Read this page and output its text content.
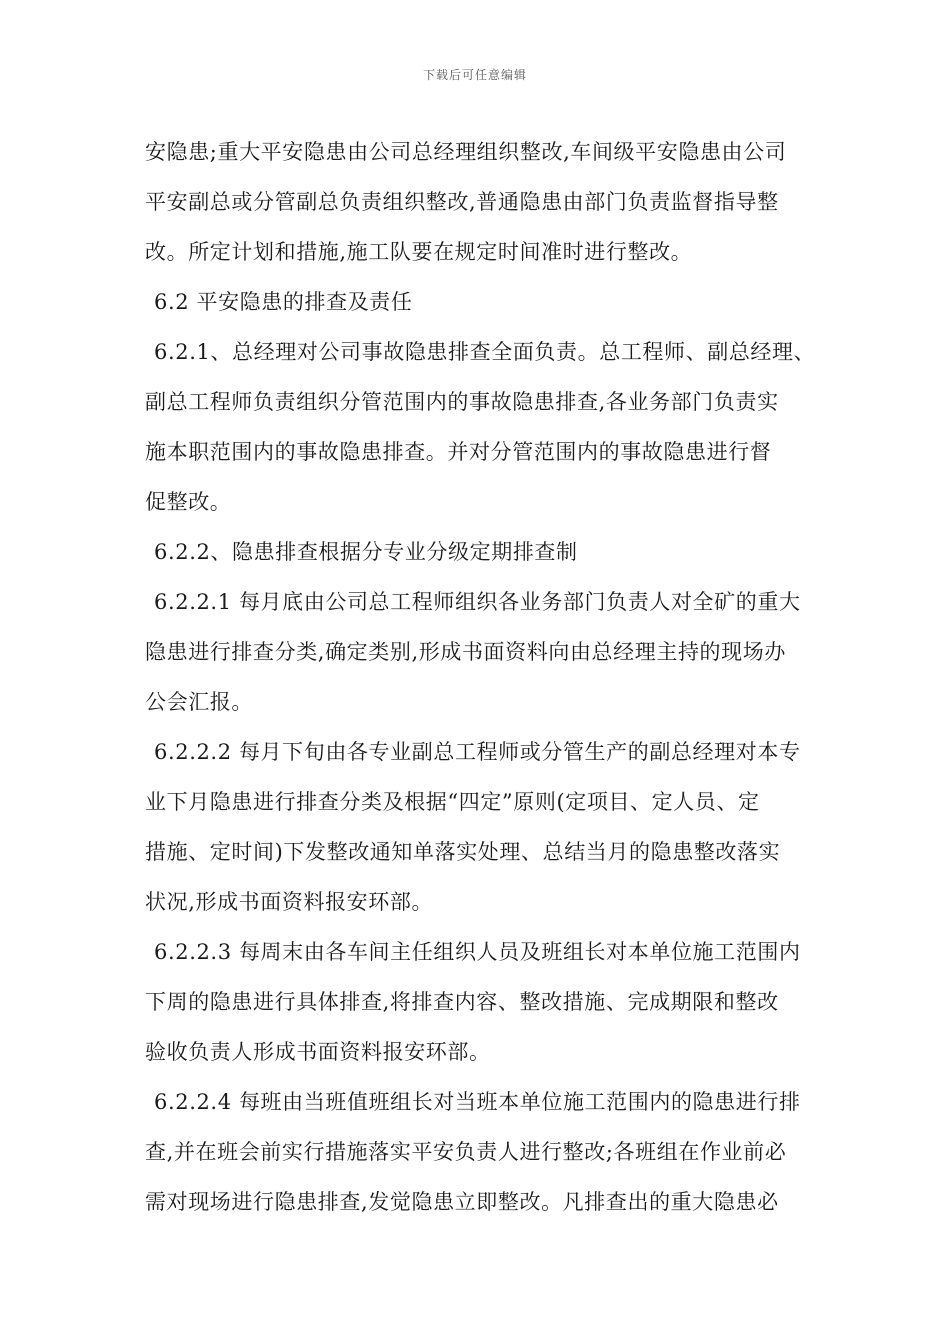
下载后可任意编辑
安隐患;重大平安隐患由公司总经理组织整改,车间级平安隐患由公司
平安副总或分管副总负责组织整改,普通隐患由部门负责监督指导整
改。所定计划和措施,施工队要在规定时间准时进行整改。
6.2 平安隐患的排查及责任
6.2.1、总经理对公司事故隐患排查全面负责。总工程师、副总经理、
副总工程师负责组织分管范围内的事故隐患排查,各业务部门负责实
施本职范围内的事故隐患排查。并对分管范围内的事故隐患进行督
促整改。
6.2.2、隐患排查根据分专业分级定期排查制
6.2.2.1 每月底由公司总工程师组织各业务部门负责人对全矿的重大
隐患进行排查分类,确定类别,形成书面资料向由总经理主持的现场办
公会汇报。
6.2.2.2 每月下旬由各专业副总工程师或分管生产的副总经理对本专
业下月隐患进行排查分类及根据“四定”原则(定项目、定人员、定
措施、定时间)下发整改通知单落实处理、总结当月的隐患整改落实
状况,形成书面资料报安环部。
6.2.2.3 每周末由各车间主任组织人员及班组长对本单位施工范围内
下周的隐患进行具体排查,将排查内容、整改措施、完成期限和整改
验收负责人形成书面资料报安环部。
6.2.2.4 每班由当班值班组长对当班本单位施工范围内的隐患进行排
查,并在班会前实行措施落实平安负责人进行整改;各班组在作业前必
需对现场进行隐患排查,发觉隐患立即整改。凡排查出的重大隐患必
